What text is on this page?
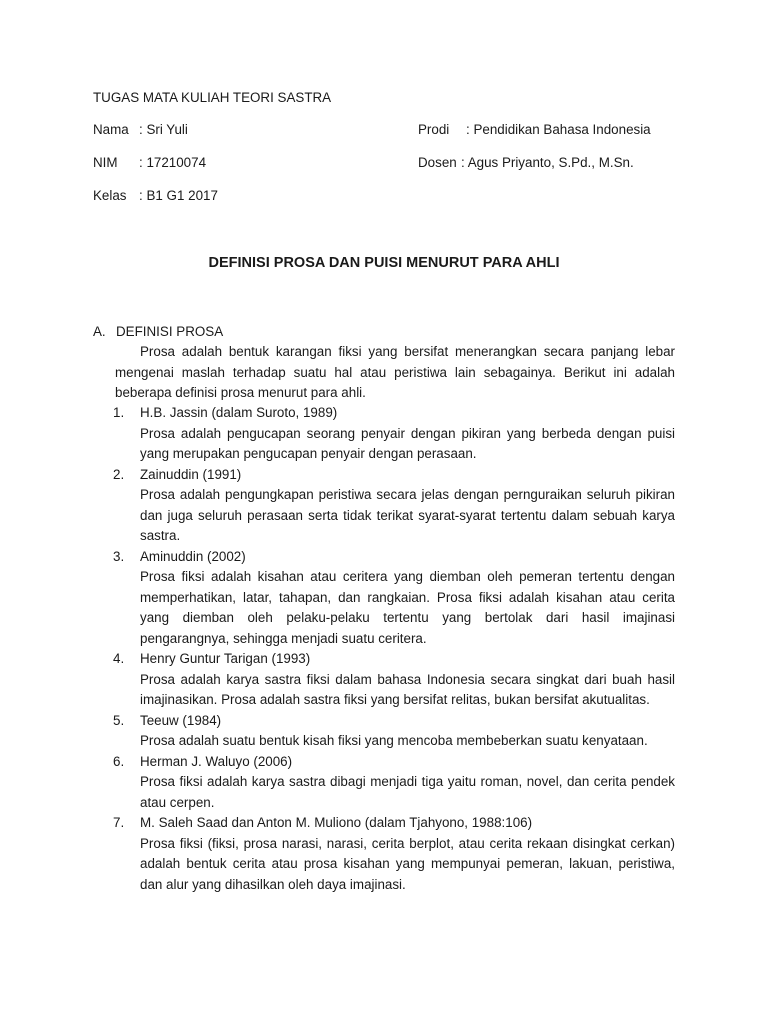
TUGAS MATA KULIAH TEORI SASTRA
Nama : Sri Yuli	Prodi : Pendidikan Bahasa Indonesia
NIM : 17210074	Dosen : Agus Priyanto, S.Pd., M.Sn.
Kelas : B1 G1 2017
DEFINISI PROSA DAN PUISI MENURUT PARA AHLI
A. DEFINISI PROSA
Prosa adalah bentuk karangan fiksi yang bersifat menerangkan secara panjang lebar mengenai maslah terhadap suatu hal atau peristiwa lain sebagainya. Berikut ini adalah beberapa definisi prosa menurut para ahli.
1.	H.B. Jassin (dalam Suroto, 1989)
Prosa adalah pengucapan seorang penyair dengan pikiran yang berbeda dengan puisi yang merupakan pengucapan penyair dengan perasaan.
2.	Zainuddin (1991)
Prosa adalah pengungkapan peristiwa secara jelas dengan pernguraikan seluruh pikiran dan juga seluruh perasaan serta tidak terikat syarat-syarat tertentu dalam sebuah karya sastra.
3.	Aminuddin (2002)
Prosa fiksi adalah kisahan atau ceritera yang diemban oleh pemeran tertentu dengan memperhatikan, latar, tahapan, dan rangkaian. Prosa fiksi adalah kisahan atau cerita yang diemban oleh pelaku-pelaku tertentu yang bertolak dari hasil imajinasi pengarangnya, sehingga menjadi suatu ceritera.
4.	Henry Guntur Tarigan (1993)
Prosa adalah karya sastra fiksi dalam bahasa Indonesia secara singkat dari buah hasil imajinasikan. Prosa adalah sastra fiksi yang bersifat relitas, bukan bersifat akutualitas.
5.	Teeuw (1984)
Prosa adalah suatu bentuk kisah fiksi yang mencoba membeberkan suatu kenyataan.
6.	Herman J. Waluyo (2006)
Prosa fiksi adalah karya sastra dibagi menjadi tiga yaitu roman, novel, dan cerita pendek atau cerpen.
7.	M. Saleh Saad dan Anton M. Muliono (dalam Tjahyono, 1988:106)
Prosa fiksi (fiksi, prosa narasi, narasi, cerita berplot, atau cerita rekaan disingkat cerkan) adalah bentuk cerita atau prosa kisahan yang mempunyai pemeran, lakuan, peristiwa, dan alur yang dihasilkan oleh daya imajinasi.
